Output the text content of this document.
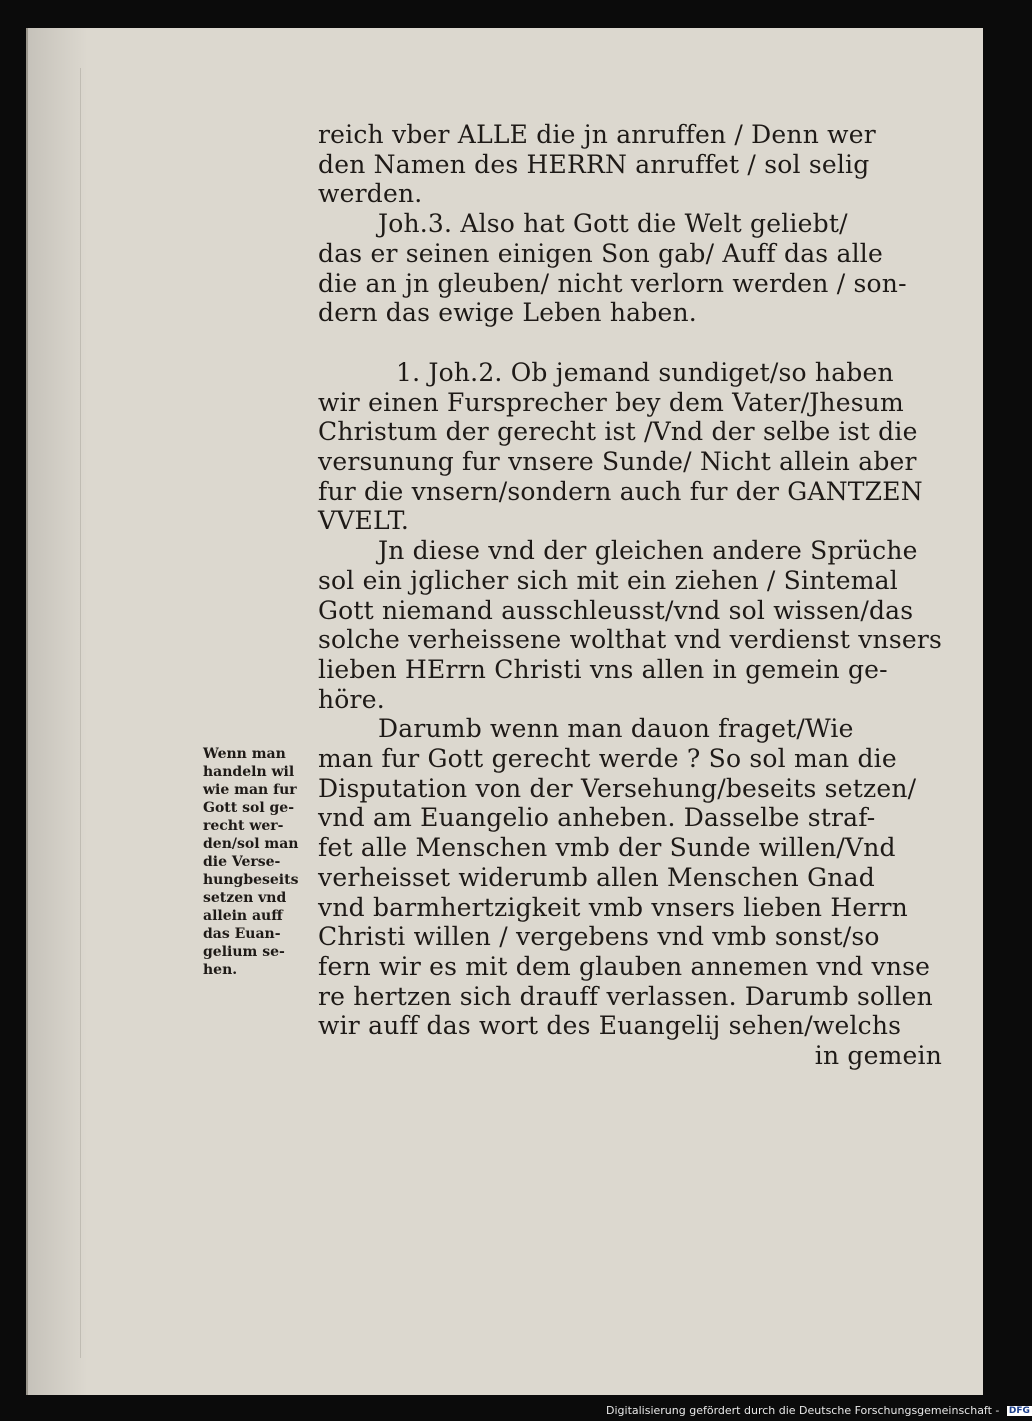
reich vber ALLE die jn anruffen / Denn wer
den Namen des HERRN anruffet / sol selig
werden.
Joh.3. Also hat Gott die Welt geliebt/
das er seinen einigen Son gab/ Auff das alle
die an jn gleuben/ nicht verlorn werden / son-
dern das ewige Leben haben.
1. Joh.2. Ob jemand sundiget/so haben
wir einen Fursprecher bey dem Vater/Jhesum
Christum der gerecht ist /Vnd der selbe ist die
versunung fur vnsere Sunde/ Nicht allein aber
fur die vnsern/sondern auch fur der GANTZEN
VVELT.
Jn diese vnd der gleichen andere Sprüche
sol ein jglicher sich mit ein ziehen / Sintemal
Gott niemand ausschleusst/vnd sol wissen/das
solche verheissene wolthat vnd verdienst vnsers
lieben HErrn Christi vns allen in gemein ge-
höre.
Darumb wenn man dauon fraget/Wie
man fur Gott gerecht werde ? So sol man die
Disputation von der Versehung/beseits setzen/
vnd am Euangelio anheben. Dasselbe straf-
fet alle Menschen vmb der Sunde willen/Vnd
verheisset widerumb allen Menschen Gnad
vnd barmhertzigkeit vmb vnsers lieben Herrn
Christi willen / vergebens vnd vmb sonst/so
fern wir es mit dem glauben annemen vnd vnse
re hertzen sich drauff verlassen. Darumb sollen
wir auff das wort des Euangelij sehen/welchs
in gemein
Wenn man
handeln wil
wie man fur
Gott sol ge-
recht wer-
den/sol man
die Verse-
hungbeseits
setzen vnd
allein auff
das Euan-
gelium se-
hen.
Digitalisierung gefördert durch die Deutsche Forschungsgemeinschaft - DFG
